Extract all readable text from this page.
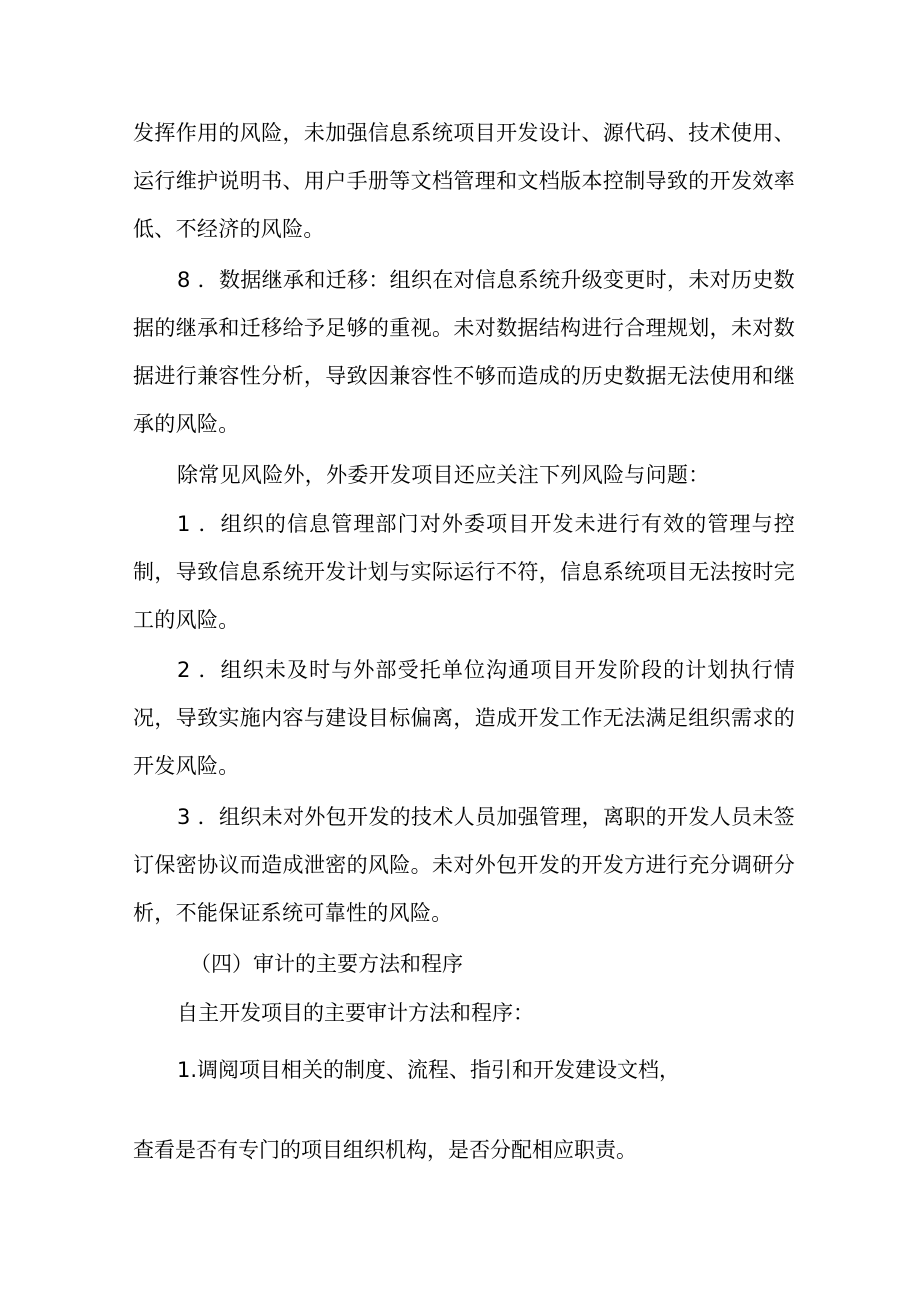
发挥作用的风险，未加强信息系统项目开发设计、源代码、技术使用、运行维护说明书、用户手册等文档管理和文档版本控制导致的开发效率低、不经济的风险。

8 ．数据继承和迁移：组织在对信息系统升级变更时，未对历史数据的继承和迁移给予足够的重视。未对数据结构进行合理规划，未对数据进行兼容性分析，导致因兼容性不够而造成的历史数据无法使用和继承的风险。

除常见风险外，外委开发项目还应关注下列风险与问题：

1 ．组织的信息管理部门对外委项目开发未进行有效的管理与控制，导致信息系统开发计划与实际运行不符，信息系统项目无法按时完工的风险。

2 ．组织未及时与外部受托单位沟通项目开发阶段的计划执行情况，导致实施内容与建设目标偏离，造成开发工作无法满足组织需求的开发风险。

3 ．组织未对外包开发的技术人员加强管理，离职的开发人员未签订保密协议而造成泄密的风险。未对外包开发的开发方进行充分调研分析，不能保证系统可靠性的风险。

（四）审计的主要方法和程序

自主开发项目的主要审计方法和程序：

1.调阅项目相关的制度、流程、指引和开发建设文档，

查看是否有专门的项目组织机构，是否分配相应职责。
